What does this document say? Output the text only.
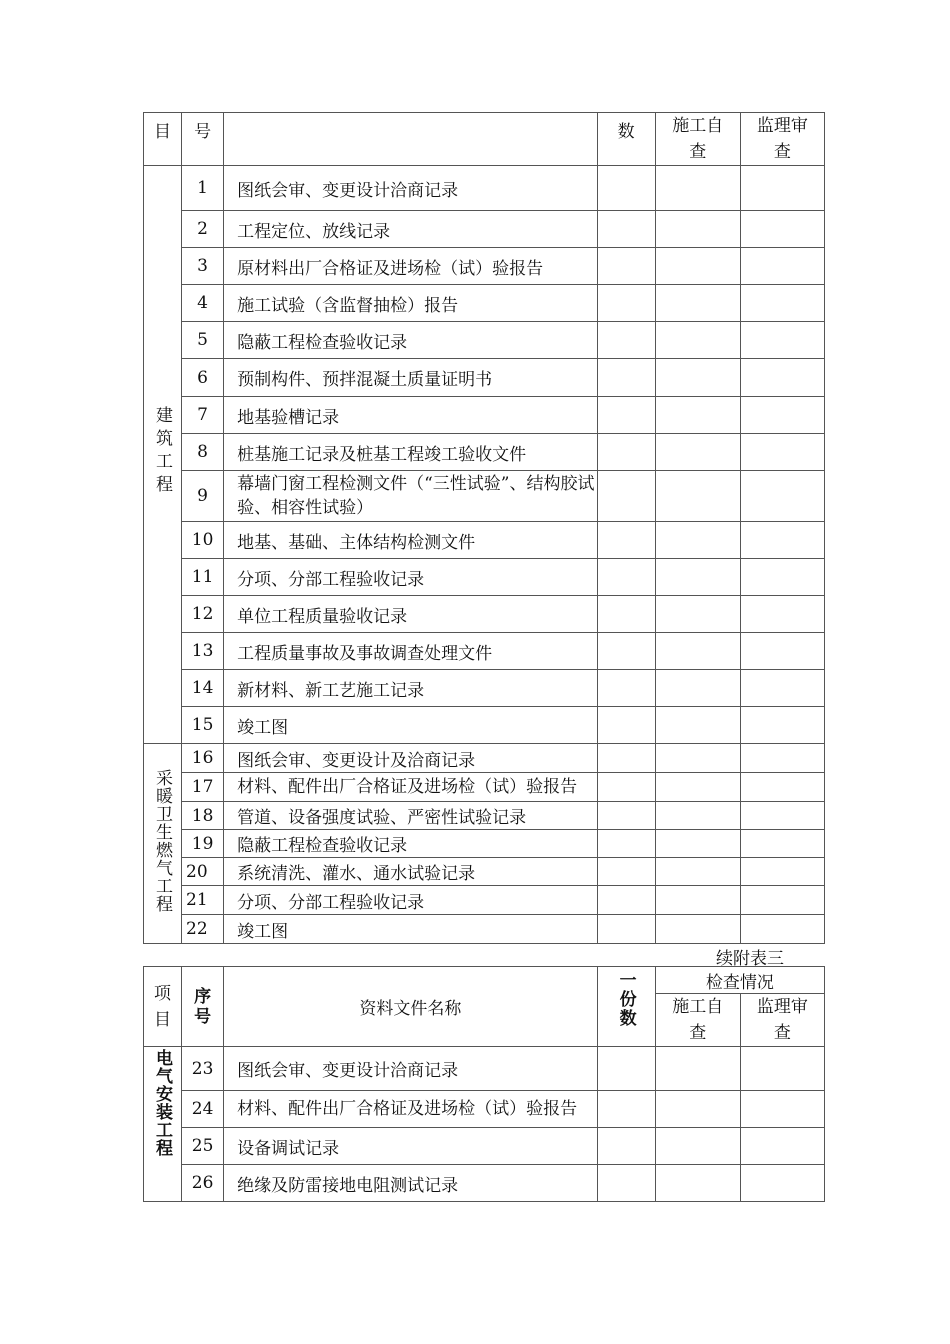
目	号		数	施工自查	监理审查
建筑工程	1	图纸会审、变更设计洽商记录			
	2	工程定位、放线记录			
	3	原材料出厂合格证及进场检（试）验报告			
	4	施工试验（含监督抽检）报告			
	5	隐蔽工程检查验收记录			
	6	预制构件、预拌混凝土质量证明书			
	7	地基验槽记录			
	8	桩基施工记录及桩基工程竣工验收文件			
	9	幕墙门窗工程检测文件（“三性试验”、结构胶试验、相容性试验）			
	10	地基、基础、主体结构检测文件			
	11	分项、分部工程验收记录			
	12	单位工程质量验收记录			
	13	工程质量事故及事故调查处理文件			
	14	新材料、新工艺施工记录			
	15	竣工图			
采暖卫生燃气工程	16	图纸会审、变更设计及洽商记录			
	17	材料、配件出厂合格证及进场检（试）验报告			

	18	管道、设备强度试验、严密性试验记录			
	19	隐蔽工程检查验收记录			
	20	系统清洗、灌水、通水试验记录			
	21	分项、分部工程验收记录			
	22	竣工图			
续附表三
项目	序号	资料文件名称	一份数	检查情况	
				施工自查	监理审查
电气安装工程	23	图纸会审、变更设计洽商记录			
	24	材料、配件出厂合格证及进场检（试）验报告			

	25	设备调试记录			
	26	绝缘及防雷接地电阻测试记录			
